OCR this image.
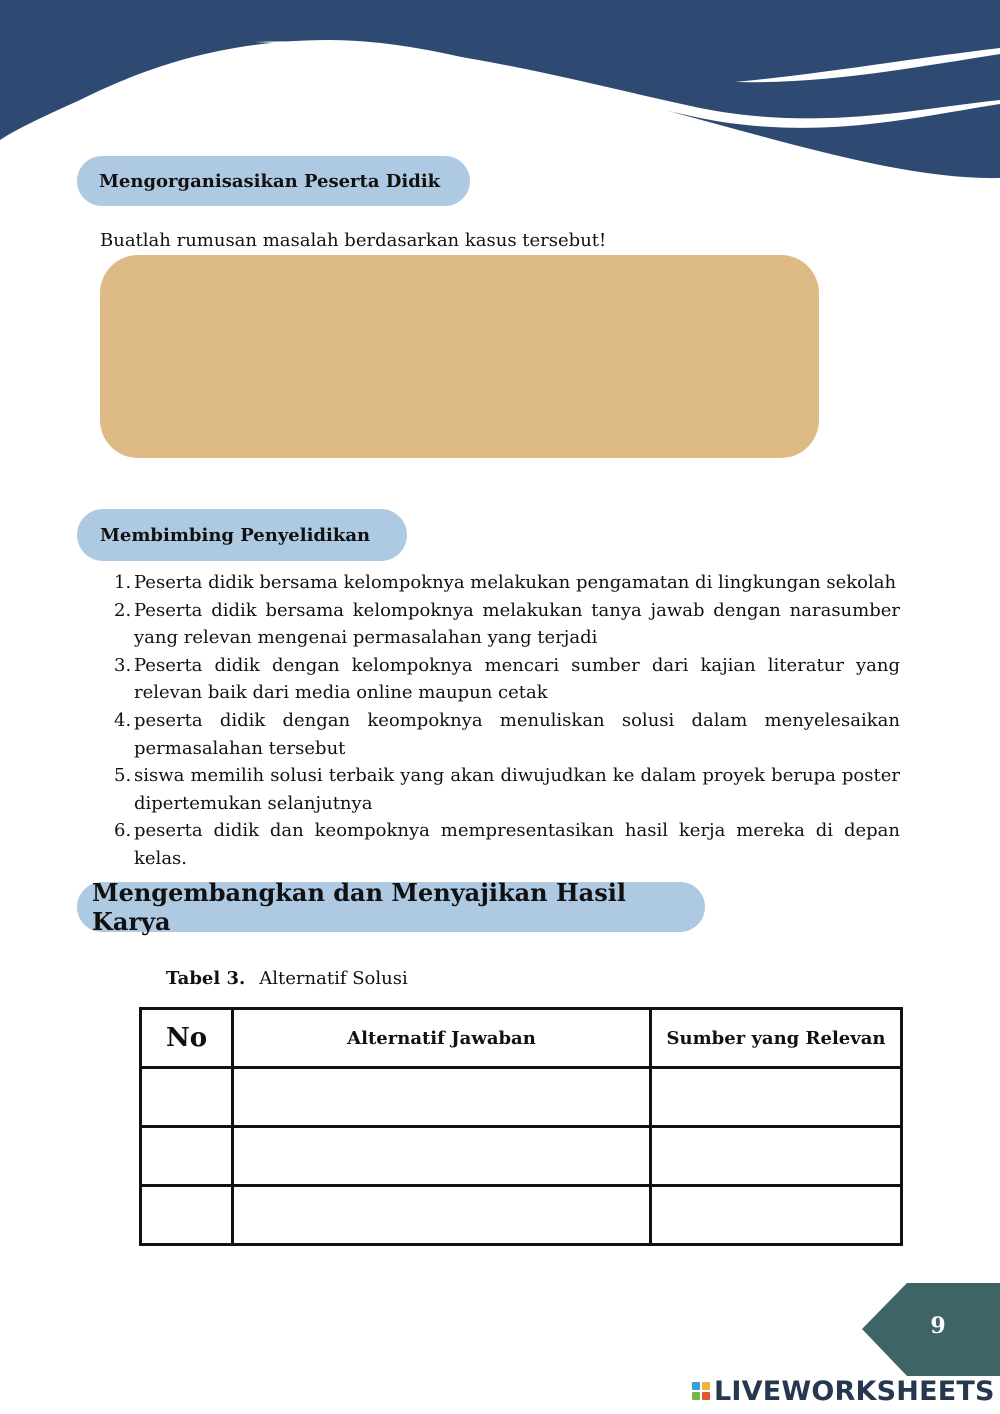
Mengorganisasikan Peserta Didik
Buatlah rumusan masalah berdasarkan kasus tersebut!
Membimbing Penyelidikan
1. Peserta didik bersama kelompoknya melakukan pengamatan di lingkungan sekolah
2. Peserta didik bersama kelompoknya melakukan tanya jawab dengan narasumber yang relevan mengenai permasalahan yang terjadi
3. Peserta didik dengan kelompoknya mencari sumber dari kajian literatur yang relevan baik dari media online maupun cetak
4. peserta didik dengan keompoknya menuliskan solusi dalam menyelesaikan permasalahan tersebut
5. siswa memilih solusi terbaik yang akan diwujudkan ke dalam proyek berupa poster dipertemukan selanjutnya
6. peserta didik dan keompoknya mempresentasikan hasil kerja mereka di depan kelas.
Mengembangkan dan Menyajikan Hasil Karya
Tabel 3. Alternatif Solusi
No	Alternatif Jawaban	Sumber yang Relevan

9
LIVEWORKSHEETS
